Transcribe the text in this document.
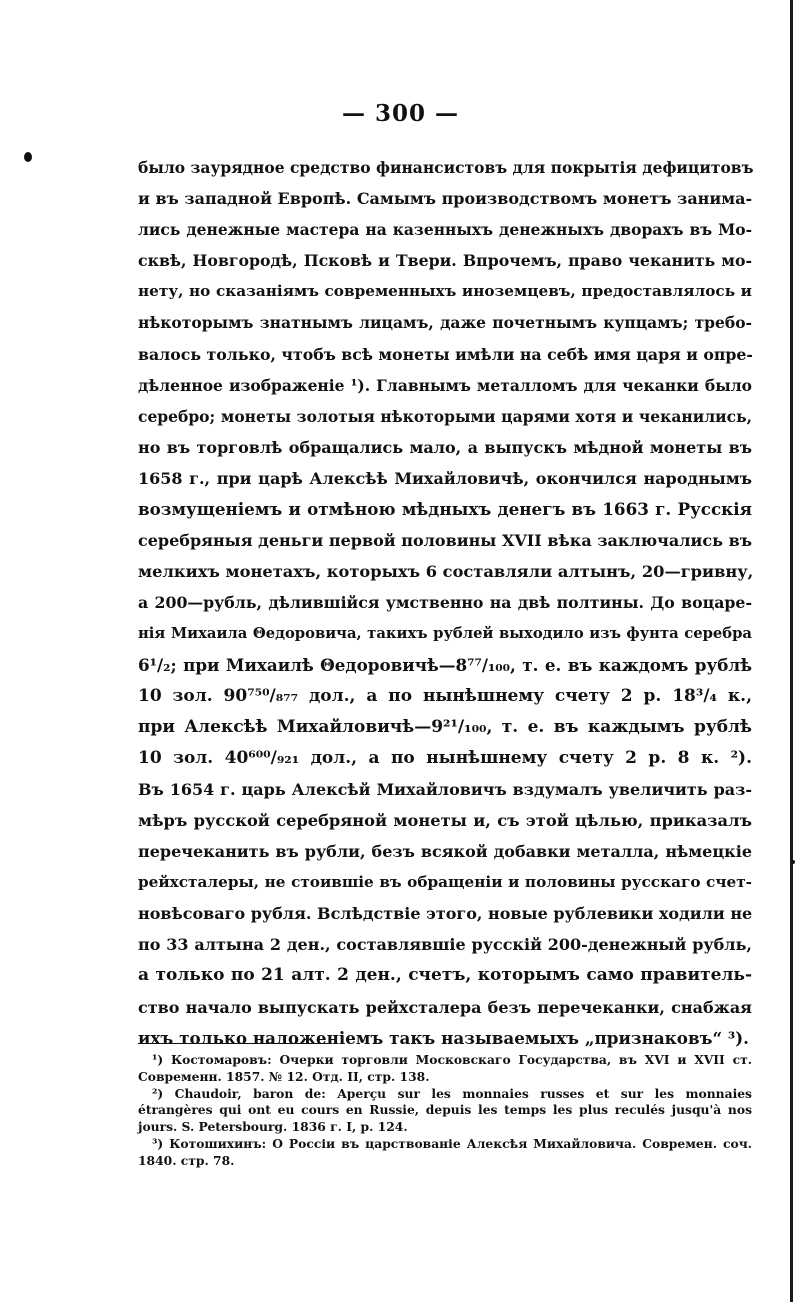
— 300 —
было заурядное средство финансистовъ для покрытія дефицитовъ
и въ западной Европѣ. Самымъ производствомъ монетъ занима-
лись денежные мастера на казенныхъ денежныхъ дворахъ въ Мо-
сквѣ, Новгородѣ, Псковѣ и Твери. Впрочемъ, право чеканить мо-
нету, но сказаніямъ современныхъ иноземцевъ, предоставлялось и
нѣкоторымъ знатнымъ лицамъ, даже почетнымъ купцамъ; требо-
валось только, чтобъ всѣ монеты имѣли на себѣ имя царя и опре-
дѣленное изображеніе ¹). Главнымъ металломъ для чеканки было
серебро; монеты золотыя нѣкоторыми царями хотя и чеканились,
но въ торговлѣ обращались мало, а выпускъ мѣдной монеты въ
1658 г., при царѣ Алексѣѣ Михайловичѣ, окончился народнымъ
возмущеніемъ и отмѣною мѣдныхъ денегъ въ 1663 г. Русскія
серебряныя деньги первой половины XVII вѣка заключались въ
мелкихъ монетахъ, которыхъ 6 составляли алтынъ, 20—гривну,
а 200—рубль, дѣлившійся умственно на двѣ полтины. До воцаре-
нія Михаила Θедоровича, такихъ рублей выходило изъ фунта серебра
6¹/₂; при Михаилѣ Θедоровичѣ—8⁷⁷/₁₀₀, т. е. въ каждомъ рублѣ
10 зол. 90⁷⁵⁰/₈₇₇ дол., а по нынѣшнему счету 2 р. 18³/₄ к.,
при Алексѣѣ Михайловичѣ—9²¹/₁₀₀, т. е. въ каждымъ рублѣ
10 зол. 40⁶⁰⁰/₉₂₁ дол., а по нынѣшнему счету 2 р. 8 к. ²).
Въ 1654 г. царь Алексѣй Михайловичъ вздумалъ увеличить раз-
мѣръ русской серебряной монеты и, съ этой цѣлью, приказалъ
перечеканить въ рубли, безъ всякой добавки металла, нѣмецкіе
рейхсталеры, не стоившіе въ обращеніи и половины русскаго счет-
новѣсоваго рубля. Вслѣдствіе этого, новые рублевики ходили не
по 33 алтына 2 ден., составлявшіе русскій 200-денежный рубль,
а только по 21 алт. 2 ден., счетъ, которымъ само правитель-
ство начало выпускать рейхсталера безъ перечеканки, снабжая
ихъ только наложеніемъ такъ называемыхъ „признаковъ“ ³).
¹) Костомаровъ: Очерки торговли Московскаго Государства, въ XVI и XVII ст.
Современн. 1857. № 12. Отд. II, стр. 138.
²) Chaudoir, baron de: Aperçu sur les monnaies russes et sur les monnaies
étrangères qui ont eu cours en Russie, depuis les temps les plus reculés jusqu'à nos
jours. S. Petersbourg. 1836 г. I, р. 124.
³) Котошихинъ: О Россіи въ царствованіе Алексѣя Михайловича. Современ. соч.
1840. стр. 78.
